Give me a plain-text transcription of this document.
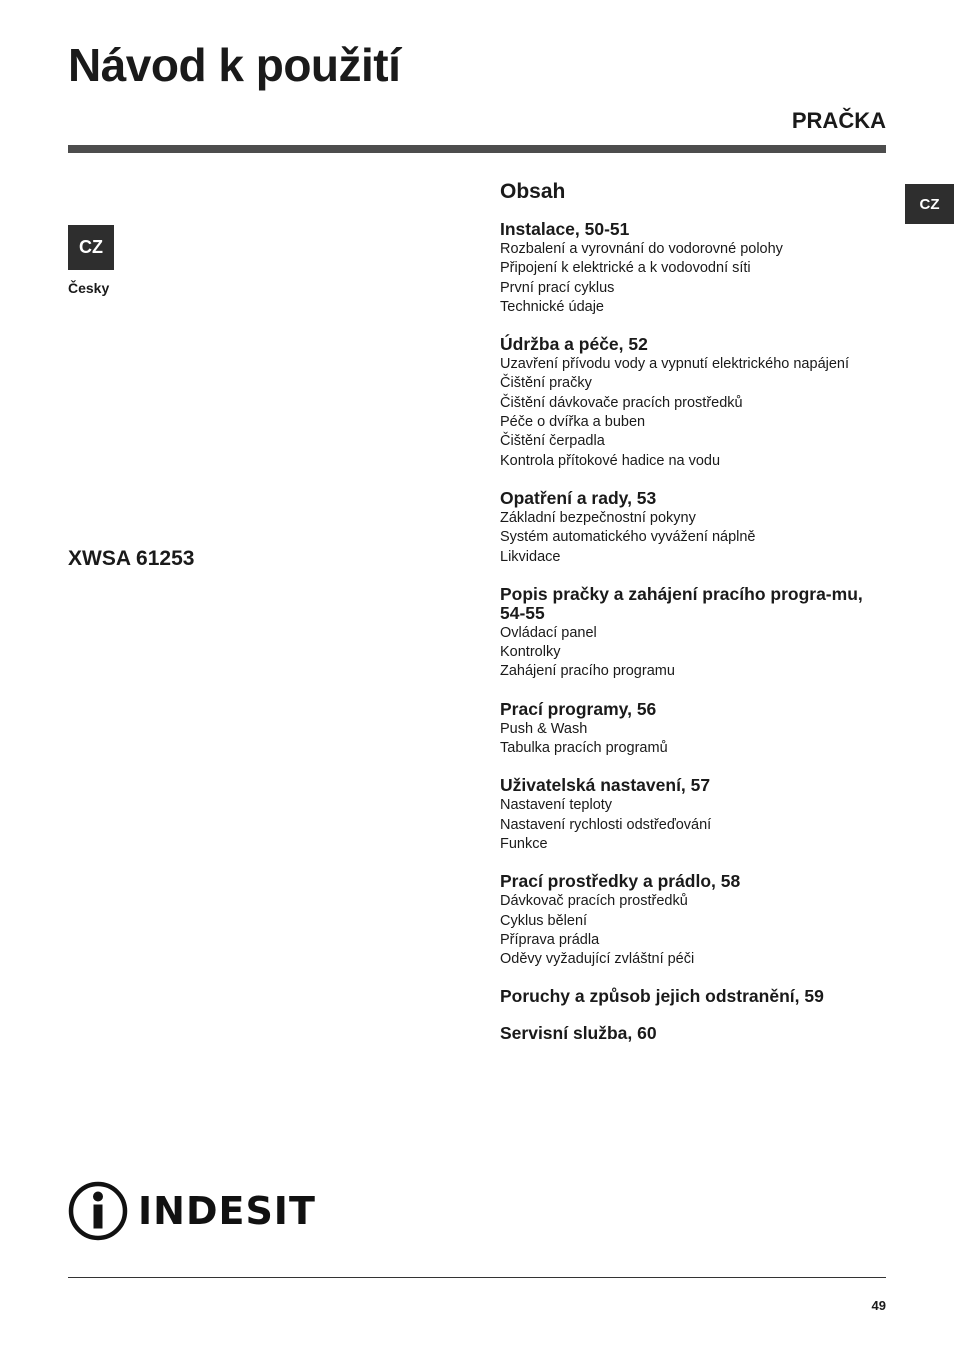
Návod k použití
PRAČKA
CZ
CZ
Česky
XWSA 61253
Obsah
Instalace, 50-51
Rozbalení a vyrovnání do vodorovné polohy
Připojení k elektrické a k vodovodní síti
První prací cyklus
Technické údaje
Údržba a péče, 52
Uzavření přívodu vody a vypnutí elektrického napájení
Čištění pračky
Čištění dávkovače pracích prostředků
Péče o dvířka a buben
Čištění čerpadla
Kontrola přítokové hadice na vodu
Opatření a rady, 53
Základní bezpečnostní pokyny
Systém automatického vyvážení náplně
Likvidace
Popis pračky a zahájení pracího progra-mu, 54-55
Ovládací panel
Kontrolky
Zahájení pracího programu
Prací programy, 56
Push & Wash
Tabulka pracích programů
Uživatelská nastavení, 57
Nastavení teploty
Nastavení rychlosti odstřeďování
Funkce
Prací prostředky a prádlo, 58
Dávkovač pracích prostředků
Cyklus bělení
Příprava prádla
Oděvy vyžadující zvláštní péči
Poruchy a způsob jejich odstranění, 59
Servisní služba, 60
INDESIT
49
